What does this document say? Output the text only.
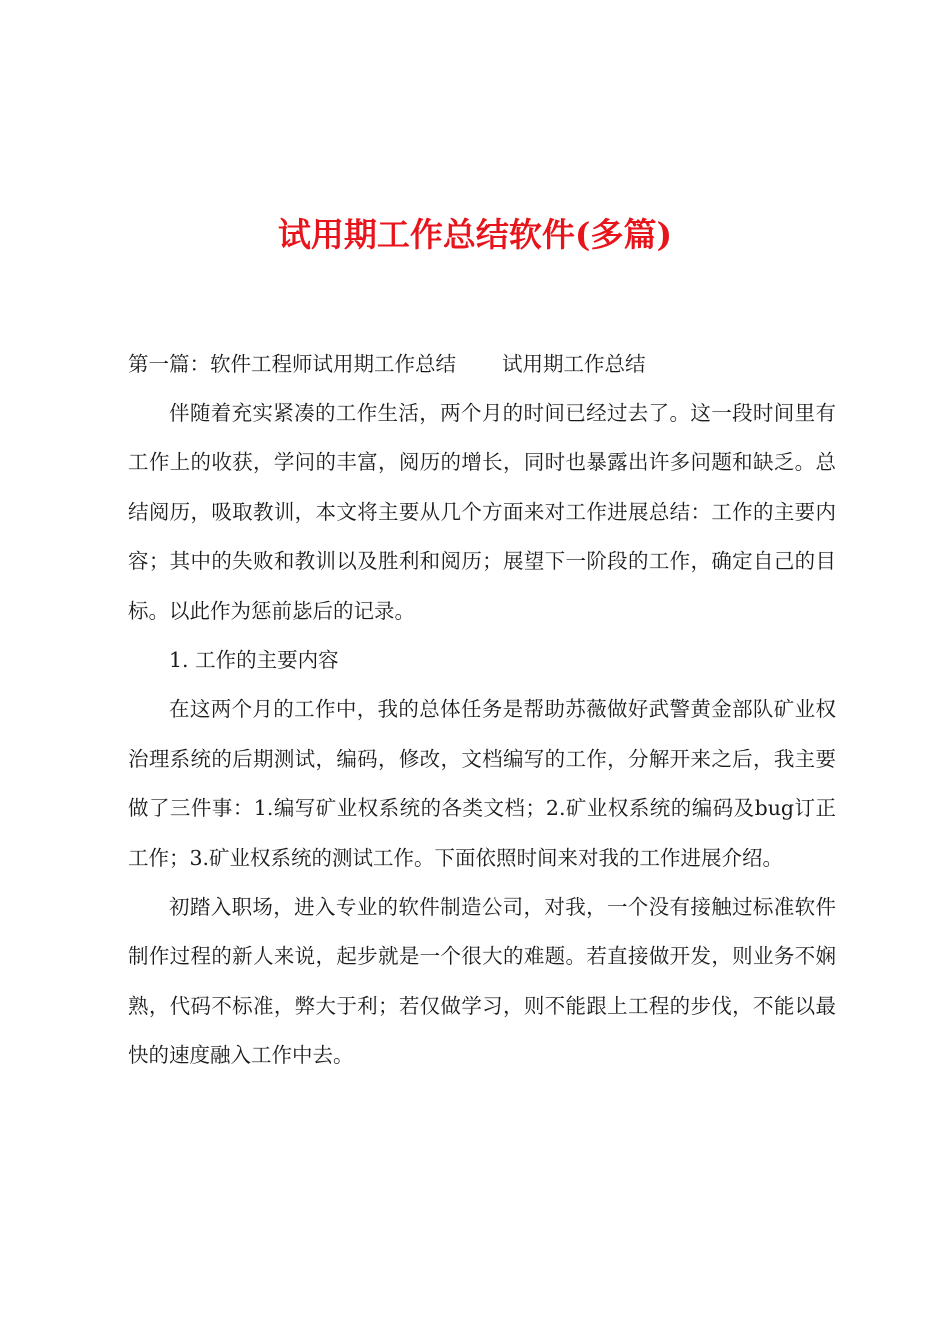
试用期工作总结软件(多篇)

第一篇：软件工程师试用期工作总结 试用期工作总结

伴随着充实紧凑的工作生活，两个月的时间已经过去了。这一段时间里有工作上的收获，学问的丰富，阅历的增长，同时也暴露出许多问题和缺乏。总结阅历，吸取教训，本文将主要从几个方面来对工作进展总结：工作的主要内容；其中的失败和教训以及胜利和阅历；展望下一阶段的工作，确定自己的目标。以此作为惩前毖后的记录。

1. 工作的主要内容

在这两个月的工作中，我的总体任务是帮助苏薇做好武警黄金部队矿业权治理系统的后期测试，编码，修改，文档编写的工作，分解开来之后，我主要做了三件事：1.编写矿业权系统的各类文档；2.矿业权系统的编码及bug订正工作；3.矿业权系统的测试工作。下面依照时间来对我的工作进展介绍。

初踏入职场，进入专业的软件制造公司，对我，一个没有接触过标准软件制作过程的新人来说，起步就是一个很大的难题。若直接做开发，则业务不娴熟，代码不标准，弊大于利；若仅做学习，则不能跟上工程的步伐，不能以最快的速度融入工作中去。
